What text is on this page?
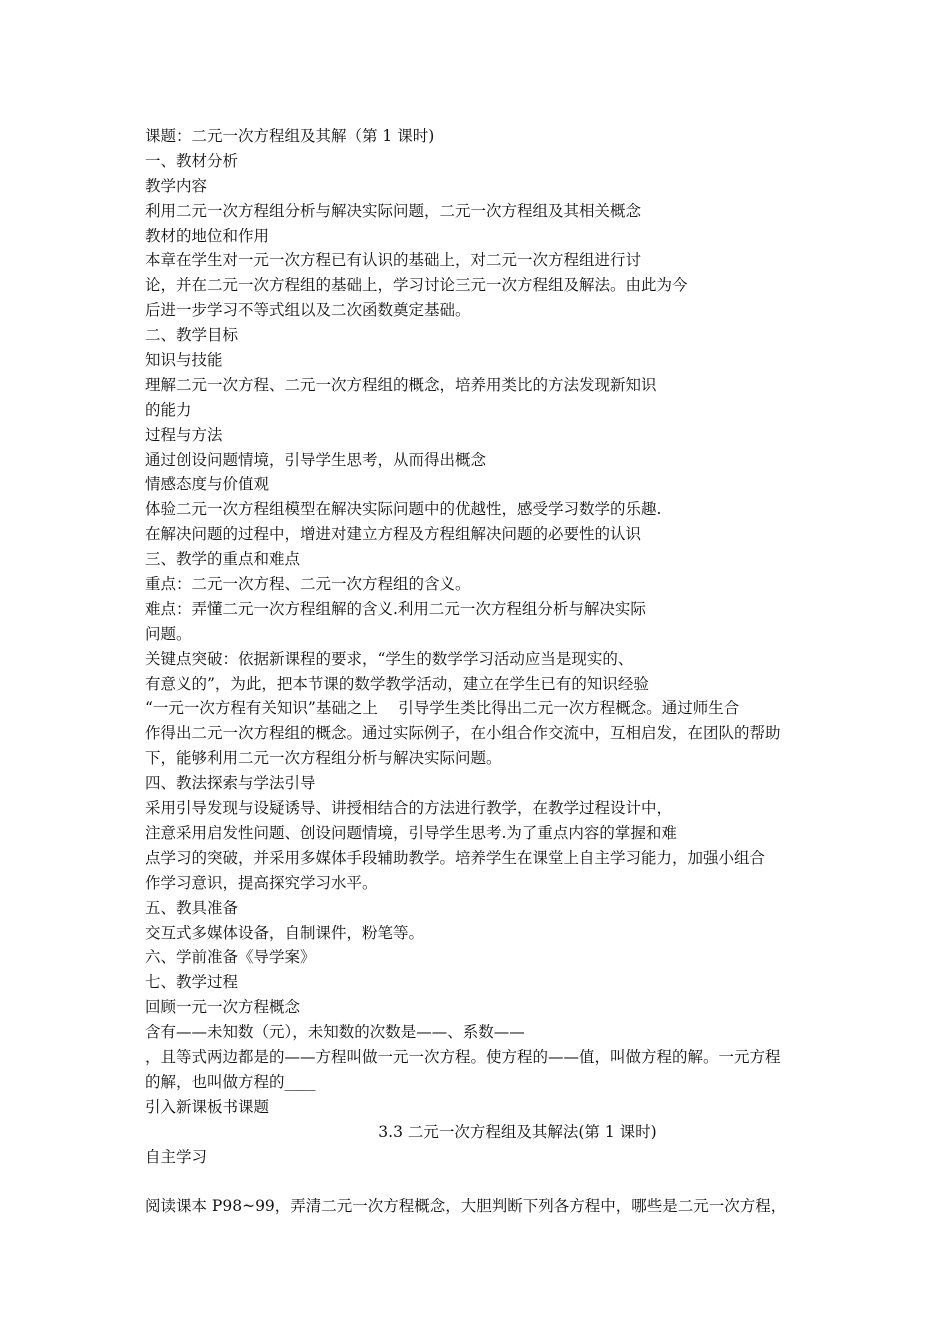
课题：二元一次方程组及其解（第 1 课时)
一、教材分析
教学内容
利用二元一次方程组分析与解决实际问题，二元一次方程组及其相关概念
教材的地位和作用
本章在学生对一元一次方程已有认识的基础上，对二元一次方程组进行讨
论，并在二元一次方程组的基础上，学习讨论三元一次方程组及解法。由此为今
后进一步学习不等式组以及二次函数奠定基础。
二、教学目标
知识与技能
理解二元一次方程、二元一次方程组的概念，培养用类比的方法发现新知识
的能力
过程与方法
通过创设问题情境，引导学生思考，从而得出概念
情感态度与价值观
体验二元一次方程组模型在解决实际问题中的优越性，感受学习数学的乐趣.
在解决问题的过程中，增进对建立方程及方程组解决问题的必要性的认识
三、教学的重点和难点
重点：二元一次方程、二元一次方程组的含义。
难点：弄懂二元一次方程组解的含义.利用二元一次方程组分析与解决实际
问题。
关键点突破：依据新课程的要求，“学生的数学学习活动应当是现实的、
有意义的”，为此，把本节课的数学教学活动，建立在学生已有的知识经验
“一元一次方程有关知识”基础之上　 引导学生类比得出二元一次方程概念。通过师生合
作得出二元一次方程组的概念。通过实际例子，在小组合作交流中，互相启发，在团队的帮助
下，能够利用二元一次方程组分析与解决实际问题。
四、教法探索与学法引导
采用引导发现与设疑诱导、讲授相结合的方法进行教学，在教学过程设计中，
注意采用启发性问题、创设问题情境，引导学生思考.为了重点内容的掌握和难
点学习的突破，并采用多媒体手段辅助教学。培养学生在课堂上自主学习能力，加强小组合
作学习意识，提高探究学习水平。
五、教具准备
交互式多媒体设备，自制课件，粉笔等。
六、学前准备《导学案》
七、教学过程
回顾一元一次方程概念
含有——未知数（元），未知数的次数是——、系数——
，且等式两边都是的——方程叫做一元一次方程。使方程的——值，叫做方程的解。一元方程
的解，也叫做方程的____
引入新课板书课题
3.3 二元一次方程组及其解法(第 1 课时)
自主学习
阅读课本 P98~99，弄清二元一次方程概念，大胆判断下列各方程中，哪些是二元一次方程，
